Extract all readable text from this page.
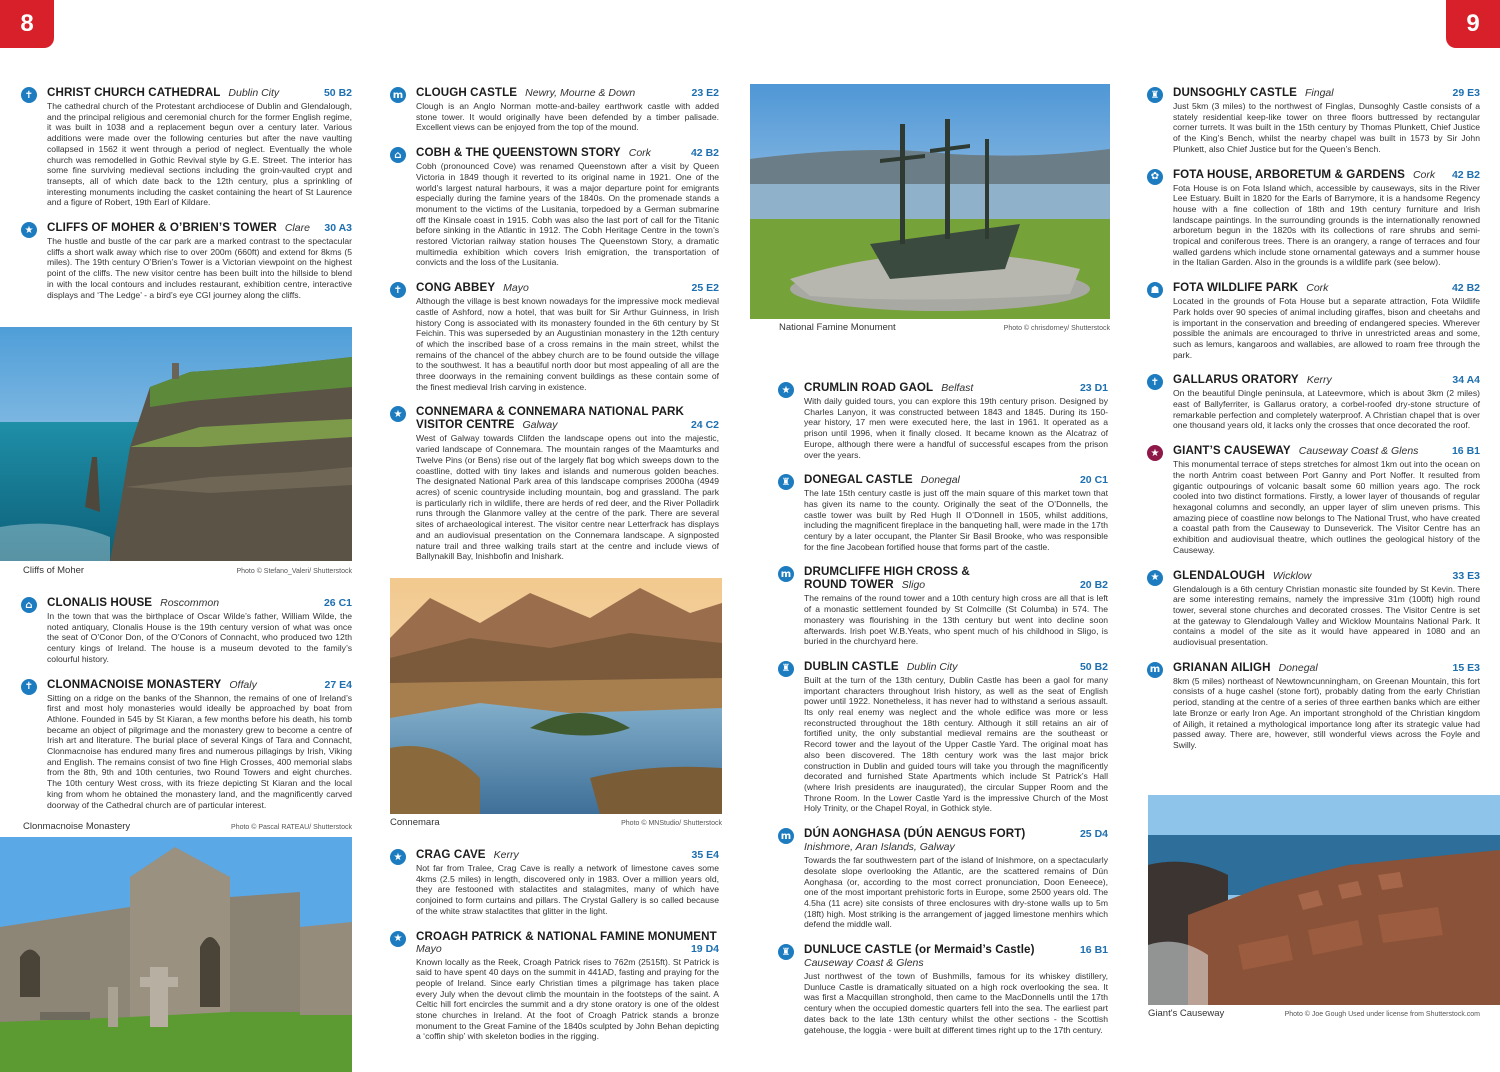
8	9
✝	CHRIST CHURCH CATHEDRAL Dublin City	50 B2

The cathedral church of the Protestant archdiocese of Dublin and Glendalough, and the principal religious and ceremonial church for the former English regime, it was built in 1038 and a replacement begun over a century later. Various additions were made over the following centuries but after the nave vaulting collapsed in 1562 it went through a period of neglect. Eventually the whole church was remodelled in Gothic Revival style by G.E. Street. The interior has some fine surviving medieval sections including the groin-vaulted crypt and transepts, all of which date back to the 12th century, plus a sprinkling of interesting monuments including the casket containing the heart of St Laurence and a figure of Robert, 19th Earl of Kildare.

★	CLIFFS OF MOHER & O’BRIEN’S TOWER Clare	30 A3

The hustle and bustle of the car park are a marked contrast to the spectacular cliffs a short walk away which rise to over 200m (660ft) and extend for 8kms (5 miles). The 19th century O’Brien’s Tower is a Victorian viewpoint on the highest point of the cliffs. The new visitor centre has been built into the hillside to blend in with the local contours and includes restaurant, exhibition centre, interactive displays and ‘The Ledge’ - a bird’s eye CGI journey along the cliffs.

Cliffs of Moher	Photo © Stefano_Valeri/ Shutterstock
⌂	CLONALIS HOUSE Roscommon	26 C1

In the town that was the birthplace of Oscar Wilde’s father, William Wilde, the noted antiquary, Clonalis House is the 19th century version of what was once the seat of O’Conor Don, of the O’Conors of Connacht, who produced two 12th century kings of Ireland. The house is a museum devoted to the family’s colourful history.

✝	CLONMACNOISE MONASTERY Offaly	27 E4

Sitting on a ridge on the banks of the Shannon, the remains of one of Ireland’s first and most holy monasteries would ideally be approached by boat from Athlone. Founded in 545 by St Kiaran, a few months before his death, his tomb became an object of pilgrimage and the monastery grew to become a centre of Irish art and literature. The burial place of several Kings of Tara and Connacht, Clonmacnoise has endured many fires and numerous pillagings by Irish, Viking and English. The remains consist of two fine High Crosses, 400 memorial slabs from the 8th, 9th and 10th centuries, two Round Towers and eight churches. The 10th century West cross, with its frieze depicting St Kiaran and the local king from whom he obtained the monastery land, and the magnificently carved doorway of the Cathedral church are of particular interest.

Clonmacnoise Monastery	Photo © Pascal RATEAU/ Shutterstock
m CLOUGH CASTLE Newry, Mourne & Down	23 E2

Clough is an Anglo Norman motte-and-bailey earthwork castle with added stone tower. It would originally have been defended by a timber palisade. Excellent views can be enjoyed from the top of the mound.

⌂	COBH & THE QUEENSTOWN STORY Cork	42 B2

Cobh (pronounced Cove) was renamed Queenstown after a visit by Queen Victoria in 1849 though it reverted to its original name in 1921. One of the world’s largest natural harbours, it was a major departure point for emigrants especially during the famine years of the 1840s. On the promenade stands a monument to the victims of the Lusitania, torpedoed by a German submarine off the Kinsale coast in 1915. Cobh was also the last port of call for the Titanic before sinking in the Atlantic in 1912. The Cobh Heritage Centre in the town’s restored Victorian railway station houses The Queenstown Story, a dramatic multimedia exhibition which covers Irish emigration, the transportation of convicts and the loss of the Lusitania.

✝	CONG ABBEY Mayo	25 E2

Although the village is best known nowadays for the impressive mock medieval castle of Ashford, now a hotel, that was built for Sir Arthur Guinness, in Irish history Cong is associated with its monastery founded in the 6th century by St Feichin. This was superseded by an Augustinian monastery in the 12th century of which the inscribed base of a cross remains in the main street, whilst the remains of the chancel of the abbey church are to be found outside the village to the southwest. It has a beautiful north door but most appealing of all are the three doorways in the remaining convent buildings as these contain some of the finest medieval Irish carving in existence.

★	CONNEMARA & CONNEMARA NATIONAL PARK
VISITOR CENTRE Galway	24 C2

West of Galway towards Clifden the landscape opens out into the majestic, varied landscape of Connemara. The mountain ranges of the Maamturks and Twelve Pins (or Bens) rise out of the largely flat bog which sweeps down to the coastline, dotted with tiny lakes and islands and numerous golden beaches. The designated National Park area of this landscape comprises 2000ha (4949 acres) of scenic countryside including mountain, bog and grassland. The park is particularly rich in wildlife, there are herds of red deer, and the River Polladirk runs through the Glanmore valley at the centre of the park. There are several sites of archaeological interest. The visitor centre near Letterfrack has displays and an audiovisual presentation on the Connemara landscape. A signposted nature trail and three walking trails start at the centre and include views of Ballynakill Bay, Inishbofin and Inishark.

Connemara	Photo © MNStudio/ Shutterstock
★	CRAG CAVE Kerry	35 E4

Not far from Tralee, Crag Cave is really a network of limestone caves some 4kms (2.5 miles) in length, discovered only in 1983. Over a million years old, they are festooned with stalactites and stalagmites, many of which have conjoined to form curtains and pillars. The Crystal Gallery is so called because of the white straw stalactites that glitter in the light.

★	CROAGH PATRICK & NATIONAL FAMINE MONUMENT
Mayo	19 D4

Known locally as the Reek, Croagh Patrick rises to 762m (2515ft). St Patrick is said to have spent 40 days on the summit in 441AD, fasting and praying for the people of Ireland. Since early Christian times a pilgrimage has taken place every July when the devout climb the mountain in the footsteps of the saint. A Celtic hill fort encircles the summit and a dry stone oratory is one of the oldest stone churches in Ireland. At the foot of Croagh Patrick stands a bronze monument to the Great Famine of the 1840s sculpted by John Behan depicting a ‘coffin ship’ with skeleton bodies in the rigging.

National Famine Monument	Photo © chrisdorney/ Shutterstock
★	CRUMLIN ROAD GAOL Belfast	23 D1

With daily guided tours, you can explore this 19th century prison. Designed by Charles Lanyon, it was constructed between 1843 and 1845. During its 150-year history, 17 men were executed here, the last in 1961. It operated as a prison until 1996, when it finally closed. It became known as the Alcatraz of Europe, although there were a handful of successful escapes from the prison over the years.

♜	DONEGAL CASTLE Donegal	20 C1

The late 15th century castle is just off the main square of this market town that has given its name to the county. Originally the seat of the O’Donnells, the castle tower was built by Red Hugh II O’Donnell in 1505, whilst additions, including the magnificent fireplace in the banqueting hall, were made in the 17th century by a later occupant, the Planter Sir Basil Brooke, who was responsible for the fine Jacobean fortified house that forms part of the castle.

m DRUMCLIFFE HIGH CROSS &
ROUND TOWER Sligo	20 B2

The remains of the round tower and a 10th century high cross are all that is left of a monastic settlement founded by St Colmcille (St Columba) in 574. The monastery was flourishing in the 13th century but went into decline soon afterwards. Irish poet W.B.Yeats, who spent much of his childhood in Sligo, is buried in the churchyard here.

♜	DUBLIN CASTLE Dublin City	50 B2

Built at the turn of the 13th century, Dublin Castle has been a gaol for many important characters throughout Irish history, as well as the seat of English power until 1922. Nonetheless, it has never had to withstand a serious assault. Its only real enemy was neglect and the whole edifice was more or less reconstructed throughout the 18th century. Although it still retains an air of fortified unity, the only substantial medieval remains are the southeast or Record tower and the layout of the Upper Castle Yard. The original moat has also been discovered. The 18th century work was the last major brick construction in Dublin and guided tours will take you through the magnificently decorated and furnished State Apartments which include St Patrick’s Hall (where Irish presidents are inaugurated), the circular Supper Room and the Throne Room. In the Lower Castle Yard is the impressive Church of the Most Holy Trinity, or the Chapel Royal, in Gothick style.

m DÚN AONGHASA (DÚN AENGUS FORT)	25 D4
Inishmore, Aran Islands, Galway

Towards the far southwestern part of the island of Inishmore, on a spectacularly desolate slope overlooking the Atlantic, are the scattered remains of Dún Aonghasa (or, according to the most correct pronunciation, Doon Eeneece), one of the most important prehistoric forts in Europe, some 2500 years old. The 4.5ha (11 acre) site consists of three enclosures with dry-stone walls up to 5m (18ft) high. Most striking is the arrangement of jagged limestone menhirs which defend the middle wall.

♜	DUNLUCE CASTLE (or Mermaid’s Castle)	16 B1
Causeway Coast & Glens

Just northwest of the town of Bushmills, famous for its whiskey distillery, Dunluce Castle is dramatically situated on a high rock overlooking the sea. It was first a Macquillan stronghold, then came to the MacDonnells until the 17th century when the occupied domestic quarters fell into the sea. The earliest part dates back to the late 13th century whilst the other sections - the Scottish gatehouse, the loggia - were built at different times right up to the 17th century.

♜	DUNSOGHLY CASTLE Fingal	29 E3

Just 5km (3 miles) to the northwest of Finglas, Dunsoghly Castle consists of a stately residential keep-like tower on three floors buttressed by rectangular corner turrets. It was built in the 15th century by Thomas Plunkett, Chief Justice of the King’s Bench, whilst the nearby chapel was built in 1573 by Sir John Plunkett, also Chief Justice but for the Queen’s Bench.

✿	FOTA HOUSE, ARBORETUM & GARDENS Cork	42 B2

Fota House is on Fota Island which, accessible by causeways, sits in the River Lee Estuary. Built in 1820 for the Earls of Barrymore, it is a handsome Regency house with a fine collection of 18th and 19th century furniture and Irish landscape paintings. In the surrounding grounds is the internationally renowned arboretum begun in the 1820s with its collections of rare shrubs and semi-tropical and coniferous trees. There is an orangery, a range of terraces and four walled gardens which include stone ornamental gateways and a summer house in the Italian Garden. Also in the grounds is a wildlife park (see below).

☗	FOTA WILDLIFE PARK Cork	42 B2

Located in the grounds of Fota House but a separate attraction, Fota Wildlife Park holds over 90 species of animal including giraffes, bison and cheetahs and is important in the conservation and breeding of endangered species. Wherever possible the animals are encouraged to thrive in unrestricted areas and some, such as lemurs, kangaroos and wallabies, are allowed to roam free through the park.

✝	GALLARUS ORATORY Kerry	34 A4

On the beautiful Dingle peninsula, at Lateevmore, which is about 3km (2 miles) east of Ballyferriter, is Gallarus oratory, a corbel-roofed dry-stone structure of remarkable perfection and completely waterproof. A Christian chapel that is over one thousand years old, it lacks only the crosses that once decorated the roof.

★	GIANT’S CAUSEWAY Causeway Coast & Glens	16 B1

This monumental terrace of steps stretches for almost 1km out into the ocean on the north Antrim coast between Port Ganny and Port Noffer. It resulted from gigantic outpourings of volcanic basalt some 60 million years ago. The rock cooled into two distinct formations. Firstly, a lower layer of thousands of regular hexagonal columns and secondly, an upper layer of slim uneven prisms. This amazing piece of coastline now belongs to The National Trust, who have created a coastal path from the Causeway to Dunseverick. The Visitor Centre has an exhibition and audiovisual theatre, which outlines the geological history of the Causeway.

★	GLENDALOUGH Wicklow	33 E3

Glendalough is a 6th century Christian monastic site founded by St Kevin. There are some interesting remains, namely the impressive 31m (100ft) high round tower, several stone churches and decorated crosses. The Visitor Centre is set at the gateway to Glendalough Valley and Wicklow Mountains National Park. It contains a model of the site as it would have appeared in 1080 and an audiovisual presentation.

m GRIANAN AILIGH Donegal	15 E3

8km (5 miles) northeast of Newtowncunningham, on Greenan Mountain, this fort consists of a huge cashel (stone fort), probably dating from the early Christian period, standing at the centre of a series of three earthen banks which are either late Bronze or early Iron Age. An important stronghold of the Christian kingdom of Ailigh, it retained a mythological importance long after its strategic value had passed away. There are, however, still wonderful views across the Foyle and Swilly.

Giant's Causeway	Photo © Joe Gough Used under license from Shutterstock.com
